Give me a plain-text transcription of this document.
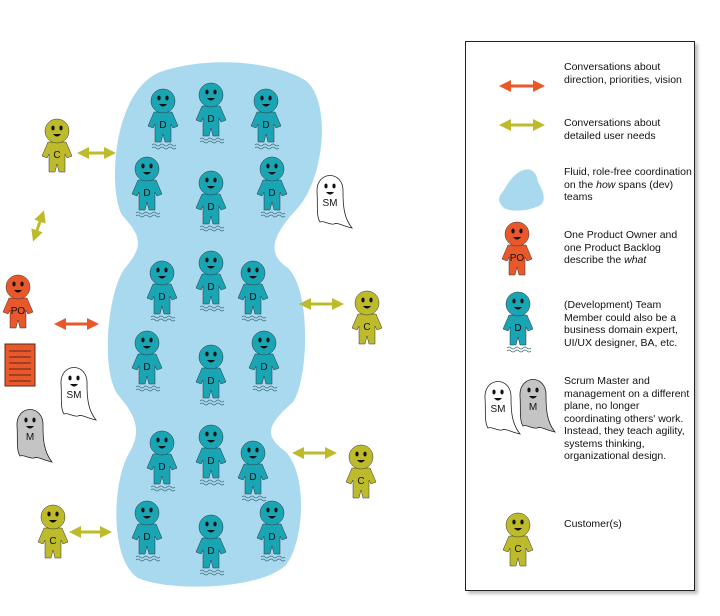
D
D
D
D
D
D
D
D
D
D
D
D
D
D
D
D
D
D
C
C
C
C
PO
SM
SM
M
PO
D
SM M
C
Conversations about direction, priorities, vision
Conversations about detailed user needs
Fluid, role-free coordination on the how spans (dev) teams
One Product Owner and one Product Backlog describe the what
(Development) Team Member could also be a business domain expert, UI/UX designer, BA, etc.
Scrum Master and management on a different plane, no longer coordinating others' work. Instead, they teach agility, systems thinking, organizational design.
Customer(s)
